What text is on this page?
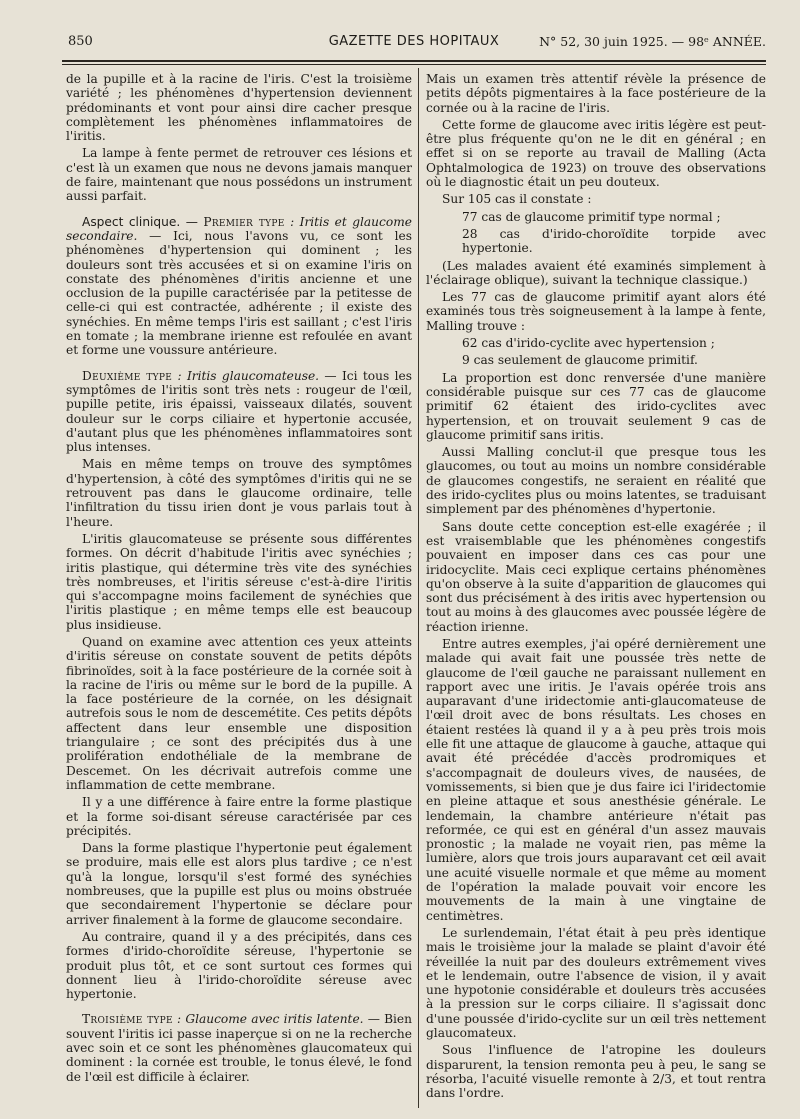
850	GAZETTE DES HOPITAUX	N° 52, 30 juin 1925. — 98ᵉ ANNÉE.

de la pupille et à la racine de l'iris. C'est la troisième variété ; les phénomènes d'hypertension deviennent prédominants et vont pour ainsi dire cacher presque complètement les phénomènes inflammatoires de l'iritis.

La lampe à fente permet de retrouver ces lésions et c'est là un examen que nous ne devons jamais manquer de faire, maintenant que nous possédons un instrument aussi parfait.

Aspect clinique. — Premier type : Iritis et glaucome secondaire. — Ici, nous l'avons vu, ce sont les phénomènes d'hypertension qui dominent ; les douleurs sont très accusées et si on examine l'iris on constate des phénomènes d'iritis ancienne et une occlusion de la pupille caractérisée par la petitesse de celle-ci qui est contractée, adhérente ; il existe des synéchies. En même temps l'iris est saillant ; c'est l'iris en tomate ; la membrane irienne est refoulée en avant et forme une voussure antérieure.

Deuxième type : Iritis glaucomateuse. — Ici tous les symptômes de l'iritis sont très nets : rougeur de l'œil, pupille petite, iris épaissi, vaisseaux dilatés, souvent douleur sur le corps ciliaire et hypertonie accusée, d'autant plus que les phénomènes inflammatoires sont plus intenses.

Mais en même temps on trouve des symptômes d'hypertension, à côté des symptômes d'iritis qui ne se retrouvent pas dans le glaucome ordinaire, telle l'infiltration du tissu irien dont je vous parlais tout à l'heure.

L'iritis glaucomateuse se présente sous différentes formes. On décrit d'habitude l'iritis avec synéchies ; iritis plastique, qui détermine très vite des synéchies très nombreuses, et l'iritis séreuse c'est-à-dire l'iritis qui s'accompagne moins facilement de synéchies que l'iritis plastique ; en même temps elle est beaucoup plus insidieuse.

Quand on examine avec attention ces yeux atteints d'iritis séreuse on constate souvent de petits dépôts fibrinoïdes, soit à la face postérieure de la cornée soit à la racine de l'iris ou même sur le bord de la pupille. A la face postérieure de la cornée, on les désignait autrefois sous le nom de descemétite. Ces petits dépôts affectent dans leur ensemble une disposition triangulaire ; ce sont des précipités dus à une prolifération endothéliale de la membrane de Descemet. On les décrivait autrefois comme une inflammation de cette membrane.

Il y a une différence à faire entre la forme plastique et la forme soi-disant séreuse caractérisée par ces précipités.

Dans la forme plastique l'hypertonie peut également se produire, mais elle est alors plus tardive ; ce n'est qu'à la longue, lorsqu'il s'est formé des synéchies nombreuses, que la pupille est plus ou moins obstruée que secondairement l'hypertonie se déclare pour arriver finalement à la forme de glaucome secondaire.

Au contraire, quand il y a des précipités, dans ces formes d'irido-choroïdite séreuse, l'hypertonie se produit plus tôt, et ce sont surtout ces formes qui donnent lieu à l'irido-choroïdite séreuse avec hypertonie.

Troisième type : Glaucome avec iritis latente. — Bien souvent l'iritis ici passe inaperçue si on ne la recherche avec soin et ce sont les phénomènes glaucomateux qui dominent : la cornée est trouble, le tonus élevé, le fond de l'œil est difficile à éclairer.

Mais un examen très attentif révèle la présence de petits dépôts pigmentaires à la face postérieure de la cornée ou à la racine de l'iris.

Cette forme de glaucome avec iritis légère est peut-être plus fréquente qu'on ne le dit en général ; en effet si on se reporte au travail de Malling (Acta Ophtalmologica de 1923) on trouve des observations où le diagnostic était un peu douteux.

Sur 105 cas il constate :

77 cas de glaucome primitif type normal ;

28 cas d'irido-choroïdite torpide avec hypertonie.

(Les malades avaient été examinés simplement à l'éclairage oblique), suivant la technique classique.)

Les 77 cas de glaucome primitif ayant alors été examinés tous très soigneusement à la lampe à fente, Malling trouve :

62 cas d'irido-cyclite avec hypertension ;

9 cas seulement de glaucome primitif.

La proportion est donc renversée d'une manière considérable puisque sur ces 77 cas de glaucome primitif 62 étaient des irido-cyclites avec hypertension, et on trouvait seulement 9 cas de glaucome primitif sans iritis.

Aussi Malling conclut-il que presque tous les glaucomes, ou tout au moins un nombre considérable de glaucomes congestifs, ne seraient en réalité que des irido-cyclites plus ou moins latentes, se traduisant simplement par des phénomènes d'hypertonie.

Sans doute cette conception est-elle exagérée ; il est vraisemblable que les phénomènes congestifs pouvaient en imposer dans ces cas pour une iridocyclite. Mais ceci explique certains phénomènes qu'on observe à la suite d'apparition de glaucomes qui sont dus précisément à des iritis avec hypertension ou tout au moins à des glaucomes avec poussée légère de réaction irienne.

Entre autres exemples, j'ai opéré dernièrement une malade qui avait fait une poussée très nette de glaucome de l'œil gauche ne paraissant nullement en rapport avec une iritis. Je l'avais opérée trois ans auparavant d'une iridectomie anti-glaucomateuse de l'œil droit avec de bons résultats. Les choses en étaient restées là quand il y a à peu près trois mois elle fit une attaque de glaucome à gauche, attaque qui avait été précédée d'accès prodromiques et s'accompagnait de douleurs vives, de nausées, de vomissements, si bien que je dus faire ici l'iridectomie en pleine attaque et sous anesthésie générale. Le lendemain, la chambre antérieure n'était pas reformée, ce qui est en général d'un assez mauvais pronostic ; la malade ne voyait rien, pas même la lumière, alors que trois jours auparavant cet œil avait une acuité visuelle normale et que même au moment de l'opération la malade pouvait voir encore les mouvements de la main à une vingtaine de centimètres.

Le surlendemain, l'état était à peu près identique mais le troisième jour la malade se plaint d'avoir été réveillée la nuit par des douleurs extrêmement vives et le lendemain, outre l'absence de vision, il y avait une hypotonie considérable et douleurs très accusées à la pression sur le corps ciliaire. Il s'agissait donc d'une poussée d'irido-cyclite sur un œil très nettement glaucomateux.

Sous l'influence de l'atropine les douleurs disparurent, la tension remonta peu à peu, le sang se résorba, l'acuité visuelle remonte à 2/3, et tout rentra dans l'ordre.
